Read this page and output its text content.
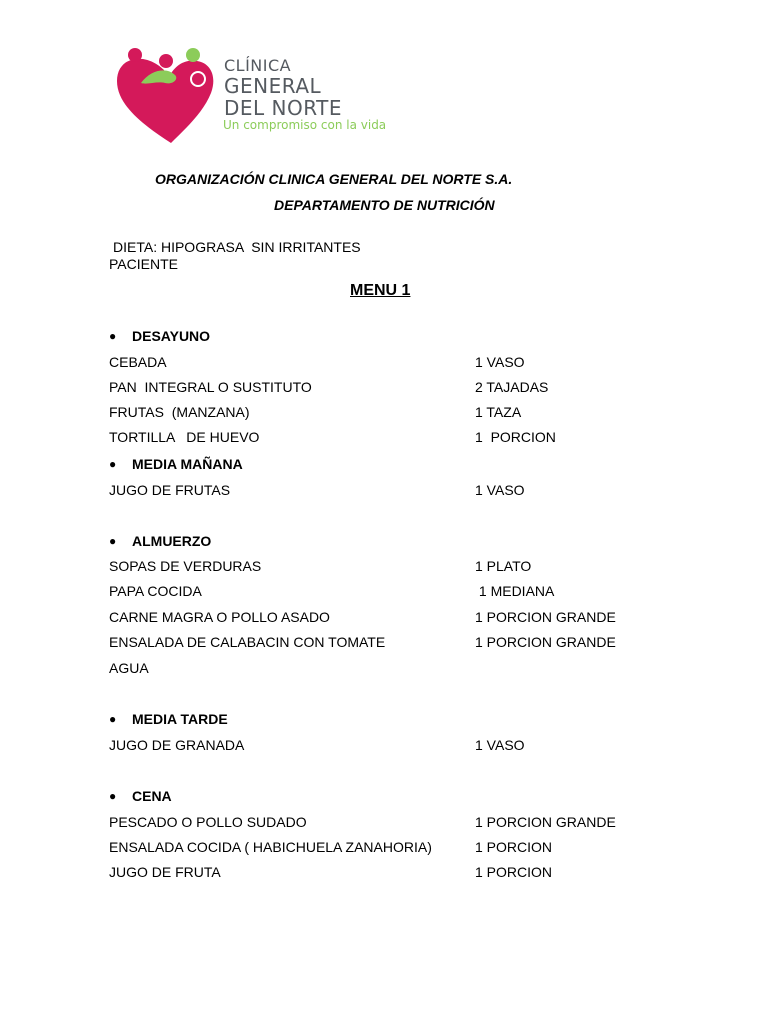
CLÍNICA
GENERAL
DEL NORTE
Un compromiso con la vida
ORGANIZACIÓN CLINICA GENERAL DEL NORTE S.A.
DEPARTAMENTO DE NUTRICIÓN
DIETA: HIPOGRASA  SIN IRRITANTES
PACIENTE
MENU 1
● DESAYUNO
CEBADA	1 VASO
PAN  INTEGRAL O SUSTITUTO	2 TAJADAS
FRUTAS  (MANZANA)	1 TAZA
TORTILLA   DE HUEVO	1  PORCION
● MEDIA MAÑANA
JUGO DE FRUTAS	1 VASO
● ALMUERZO
SOPAS DE VERDURAS	1 PLATO
PAPA COCIDA	1 MEDIANA
CARNE MAGRA O POLLO ASADO	1 PORCION GRANDE
ENSALADA DE CALABACIN CON TOMATE	1 PORCION GRANDE
AGUA
● MEDIA TARDE
JUGO DE GRANADA	1 VASO
● CENA
PESCADO O POLLO SUDADO	1 PORCION GRANDE
ENSALADA COCIDA ( HABICHUELA ZANAHORIA)	1 PORCION
JUGO DE FRUTA	1 PORCION
